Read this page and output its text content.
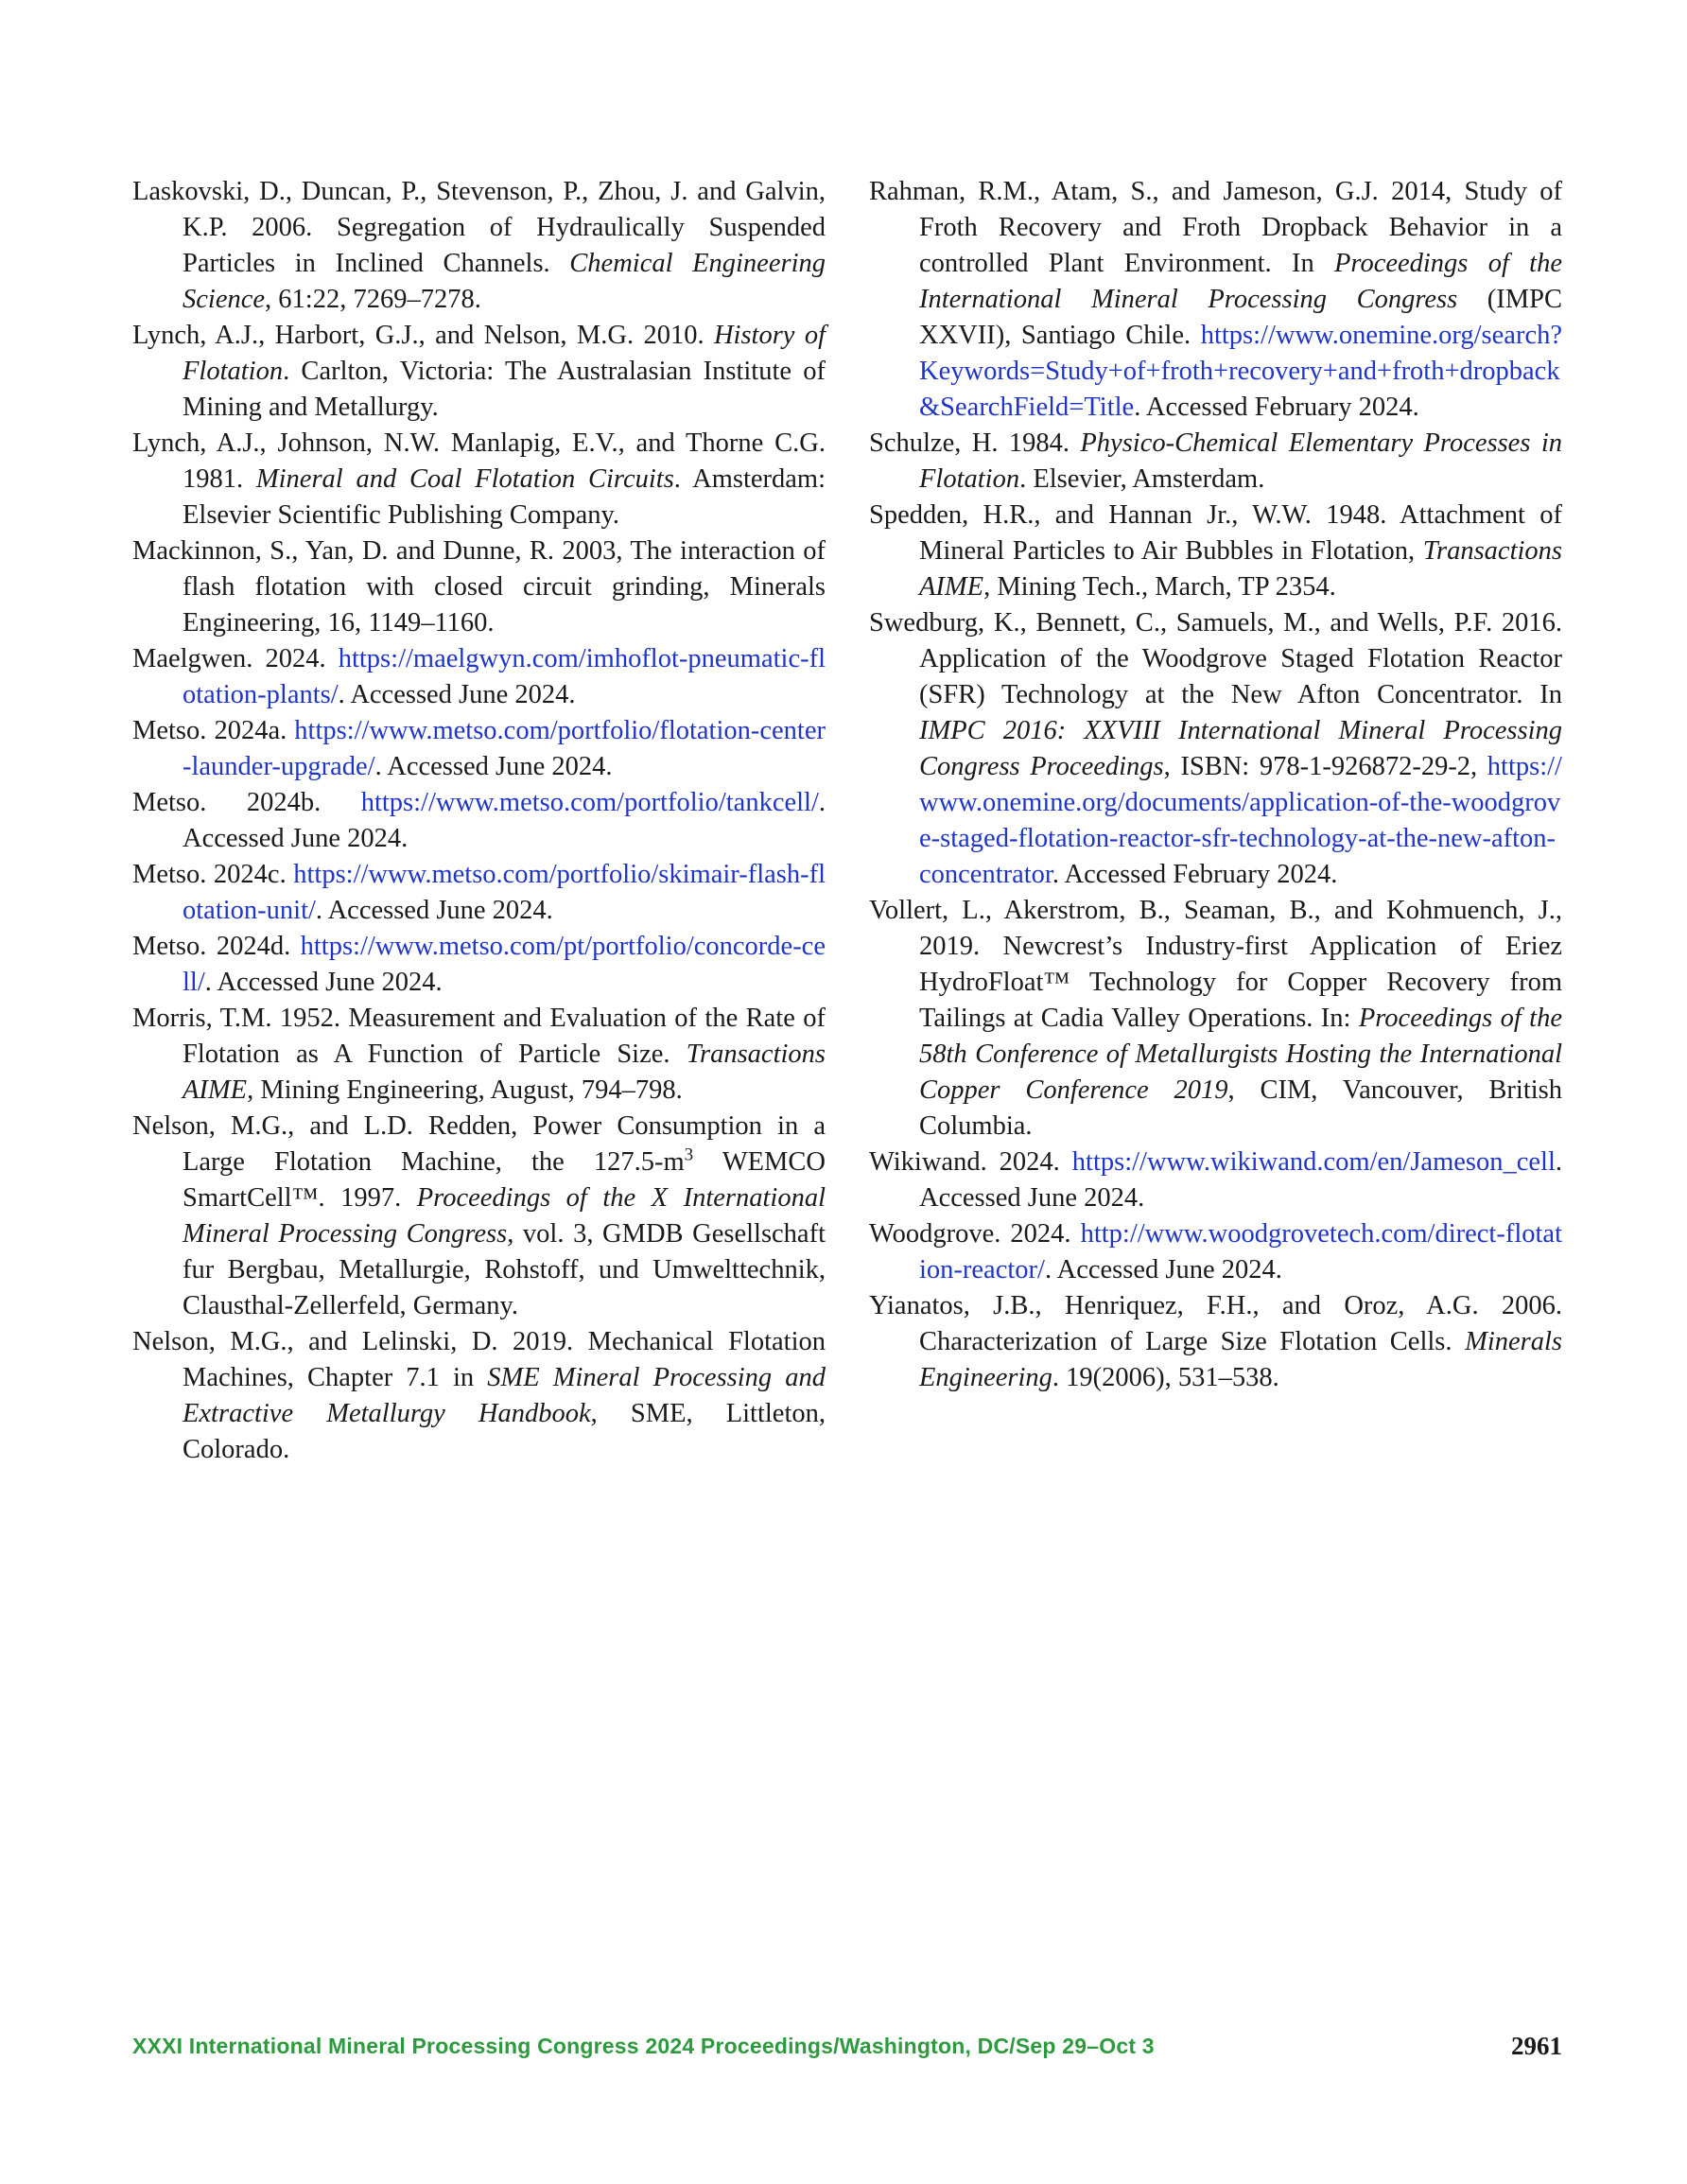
Laskovski, D., Duncan, P., Stevenson, P., Zhou, J. and Galvin, K.P. 2006. Segregation of Hydraulically Suspended Particles in Inclined Channels. Chemical Engineering Science, 61:22, 7269–7278.

Lynch, A.J., Harbort, G.J., and Nelson, M.G. 2010. History of Flotation. Carlton, Victoria: The Australasian Institute of Mining and Metallurgy.

Lynch, A.J., Johnson, N.W. Manlapig, E.V., and Thorne C.G. 1981. Mineral and Coal Flotation Circuits. Amsterdam: Elsevier Scientific Publishing Company.

Mackinnon, S., Yan, D. and Dunne, R. 2003, The interaction of flash flotation with closed circuit grinding, Minerals Engineering, 16, 1149–1160.

Maelgwen. 2024. https://maelgwyn.com/imhoflot-pneumatic-flotation-plants/. Accessed June 2024.

Metso. 2024a. https://www.metso.com/portfolio/flotation-center-launder-upgrade/. Accessed June 2024.

Metso. 2024b. https://www.metso.com/portfolio/tankcell/. Accessed June 2024.

Metso. 2024c. https://www.metso.com/portfolio/skimair-flash-flotation-unit/. Accessed June 2024.

Metso. 2024d. https://www.metso.com/pt/portfolio/concorde-cell/. Accessed June 2024.

Morris, T.M. 1952. Measurement and Evaluation of the Rate of Flotation as A Function of Particle Size. Transactions AIME, Mining Engineering, August, 794–798.

Nelson, M.G., and L.D. Redden, Power Consumption in a Large Flotation Machine, the $127.5-m^3$ WEMCO SmartCell™. 1997. Proceedings of the X International Mineral Processing Congress, vol. 3, GMDB Gesellschaft fur Bergbau, Metallurgie, Rohstoff, und Umwelttechnik, Clausthal-Zellerfeld, Germany.

Nelson, M.G., and Lelinski, D. 2019. Mechanical Flotation Machines, Chapter 7.1 in SME Mineral Processing and Extractive Metallurgy Handbook, SME, Littleton, Colorado.

Rahman, R.M., Atam, S., and Jameson, G.J. 2014, Study of Froth Recovery and Froth Dropback Behavior in a controlled Plant Environment. In Proceedings of the International Mineral Processing Congress (IMPC XXVII), Santiago Chile. https://www.onemine.org/search?Keywords=Study+of+froth+recovery+and+froth+dropback&SearchField=Title. Accessed February 2024.

Schulze, H. 1984. Physico-Chemical Elementary Processes in Flotation. Elsevier, Amsterdam.

Spedden, H.R., and Hannan Jr., W.W. 1948. Attachment of Mineral Particles to Air Bubbles in Flotation, Transactions AIME, Mining Tech., March, TP 2354.

Swedburg, K., Bennett, C., Samuels, M., and Wells, P.F. 2016. Application of the Woodgrove Staged Flotation Reactor (SFR) Technology at the New Afton Concentrator. In IMPC 2016: XXVIII International Mineral Processing Congress Proceedings, ISBN: 978-1-926872-29-2, https://www.onemine.org/documents/application-of-the-woodgrove-staged-flotation-reactor-sfr-technology-at-the-new-afton-concentrator. Accessed February 2024.

Vollert, L., Akerstrom, B., Seaman, B., and Kohmuench, J., 2019. Newcrest’s Industry-first Application of Eriez HydroFloat™ Technology for Copper Recovery from Tailings at Cadia Valley Operations. In: Proceedings of the 58th Conference of Metallurgists Hosting the International Copper Conference 2019, CIM, Vancouver, British Columbia.

Wikiwand. 2024. https://www.wikiwand.com/en/Jameson_cell. Accessed June 2024.

Woodgrove. 2024. http://www.woodgrovetech.com/direct-flotation-reactor/. Accessed June 2024.

Yianatos, J.B., Henriquez, F.H., and Oroz, A.G. 2006. Characterization of Large Size Flotation Cells. Minerals Engineering. 19(2006), 531–538.

XXXI International Mineral Processing Congress 2024 Proceedings/Washington, DC/Sep 29–Oct 3	2961
